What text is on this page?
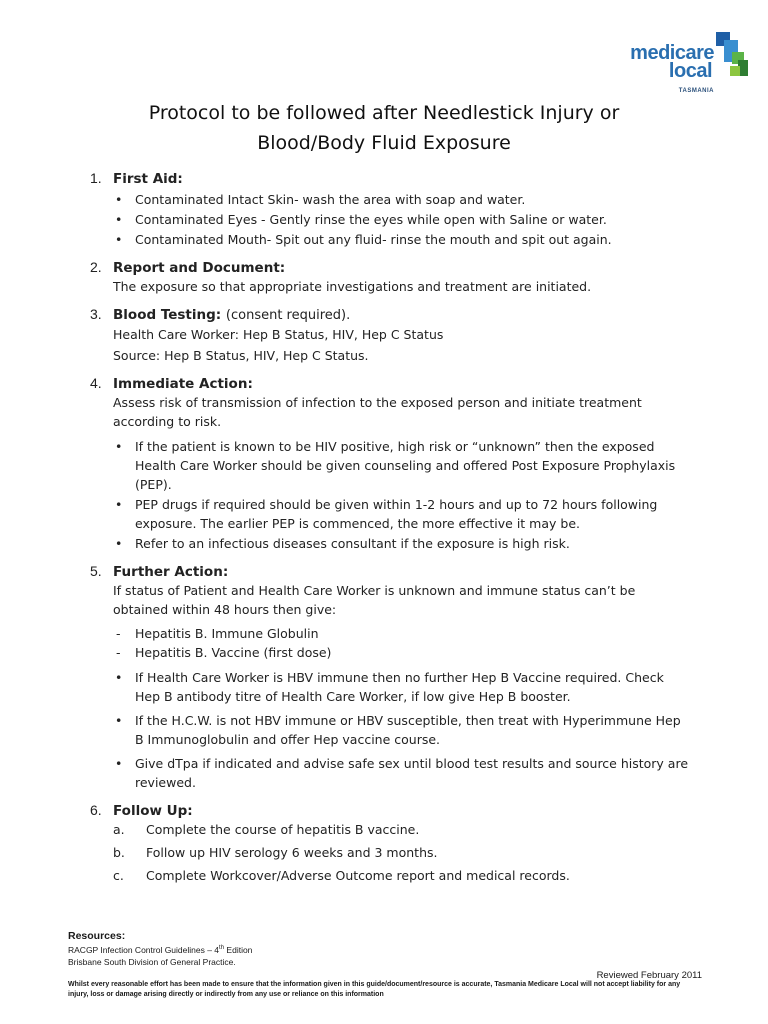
medicare
local
TASMANIA
Protocol to be followed after Needlestick Injury or
Blood/Body Fluid Exposure
1. First Aid:
• Contaminated Intact Skin- wash the area with soap and water.
• Contaminated Eyes - Gently rinse the eyes while open with Saline or water.
• Contaminated Mouth- Spit out any fluid- rinse the mouth and spit out again.
2. Report and Document:
The exposure so that appropriate investigations and treatment are initiated.
3. Blood Testing: (consent required).
Health Care Worker: Hep B Status, HIV, Hep C Status
Source: Hep B Status, HIV, Hep C Status.
4. Immediate Action:
Assess risk of transmission of infection to the exposed person and initiate treatment according to risk.
• If the patient is known to be HIV positive, high risk or “unknown” then the exposed Health Care Worker should be given counseling and offered Post Exposure Prophylaxis (PEP).
• PEP drugs if required should be given within 1-2 hours and up to 72 hours following exposure. The earlier PEP is commenced, the more effective it may be.
• Refer to an infectious diseases consultant if the exposure is high risk.
5. Further Action:
If status of Patient and Health Care Worker is unknown and immune status can’t be obtained within 48 hours then give:
- Hepatitis B. Immune Globulin
- Hepatitis B. Vaccine (first dose)
• If Health Care Worker is HBV immune then no further Hep B Vaccine required. Check Hep B antibody titre of Health Care Worker, if low give Hep B booster.
• If the H.C.W. is not HBV immune or HBV susceptible, then treat with Hyperimmune Hep B Immunoglobulin and offer Hep vaccine course.
• Give dTpa if indicated and advise safe sex until blood test results and source history are reviewed.
6. Follow Up:
a. Complete the course of hepatitis B vaccine.
b. Follow up HIV serology 6 weeks and 3 months.
c. Complete Workcover/Adverse Outcome report and medical records.
Resources:
RACGP Infection Control Guidelines – 4th Edition
Brisbane South Division of General Practice.
Reviewed February 2011
Whilst every reasonable effort has been made to ensure that the information given in this guide/document/resource is accurate, Tasmania Medicare Local will not accept liability for any injury, loss or damage arising directly or indirectly from any use or reliance on this information
